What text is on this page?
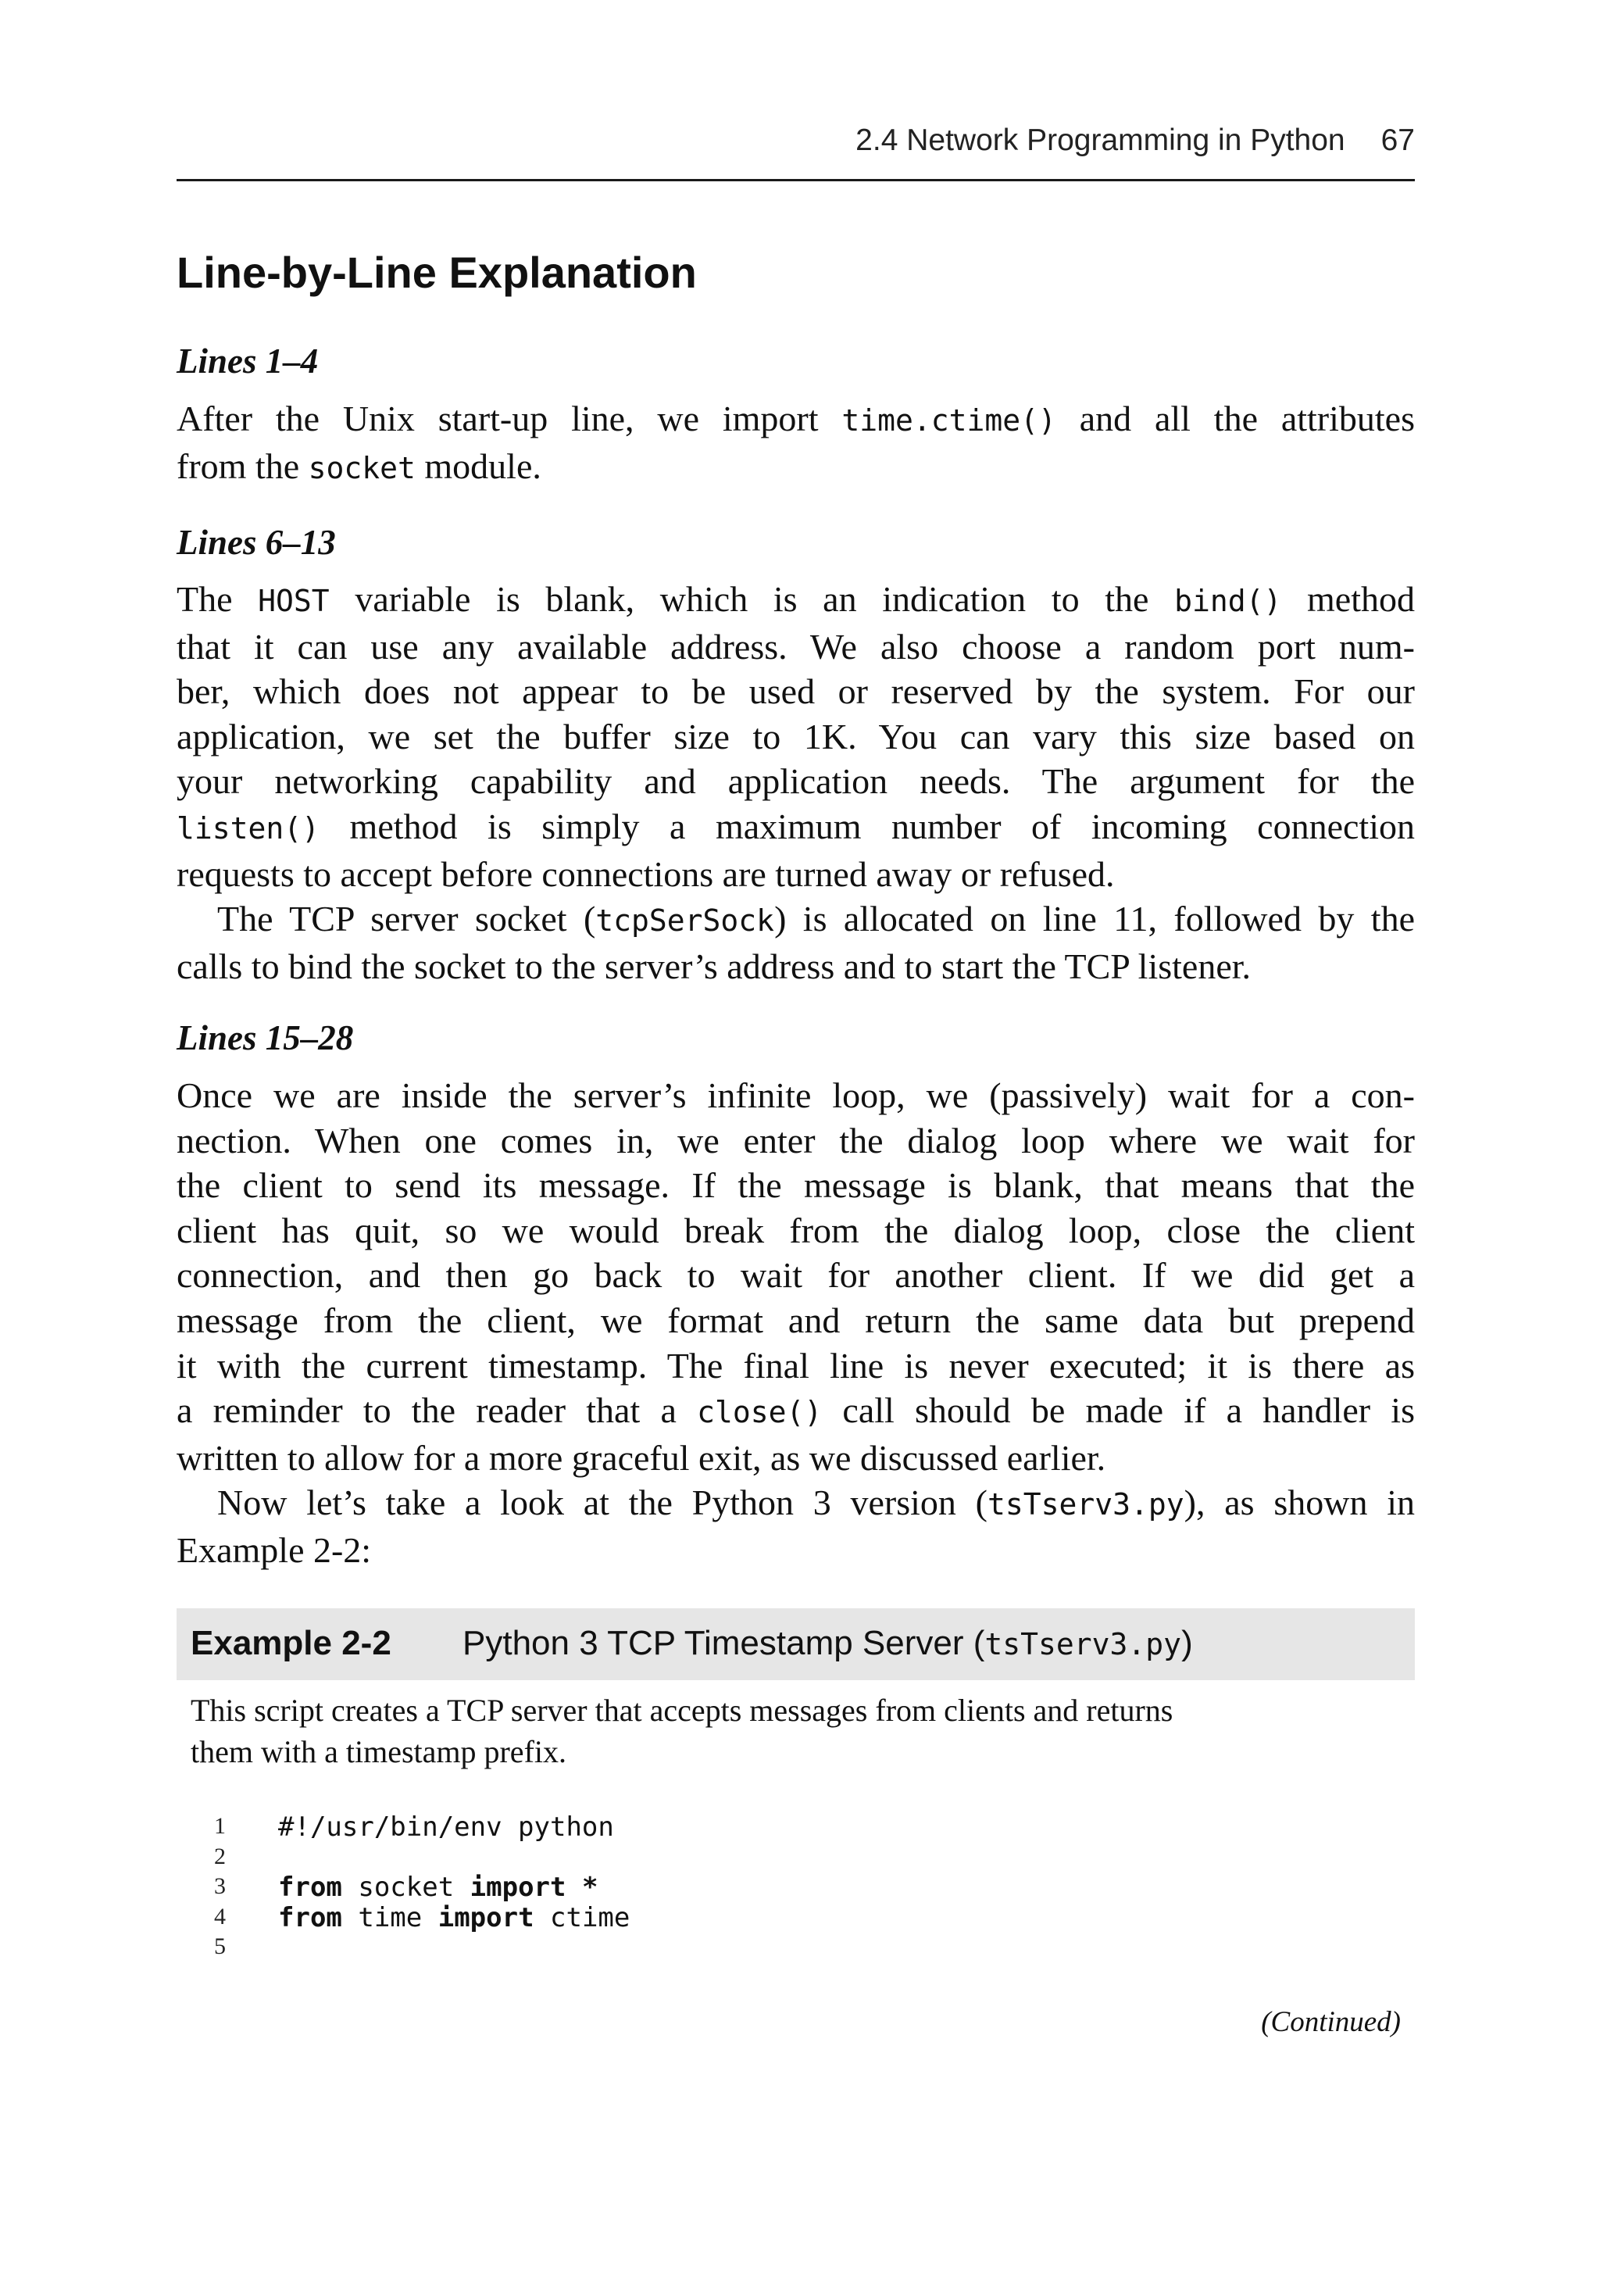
2.4 Network Programming in Python 67
Line-by-Line Explanation
Lines 1–4
After the Unix start-up line, we import time.ctime() and all the attributes
from the socket module.
Lines 6–13
The HOST variable is blank, which is an indication to the bind() method
that it can use any available address. We also choose a random port num-
ber, which does not appear to be used or reserved by the system. For our
application, we set the buffer size to 1K. You can vary this size based on
your networking capability and application needs. The argument for the
listen() method is simply a maximum number of incoming connection
requests to accept before connections are turned away or refused.
The TCP server socket (tcpSerSock) is allocated on line 11, followed by the
calls to bind the socket to the server’s address and to start the TCP listener.
Lines 15–28
Once we are inside the server’s infinite loop, we (passively) wait for a con-
nection. When one comes in, we enter the dialog loop where we wait for
the client to send its message. If the message is blank, that means that the
client has quit, so we would break from the dialog loop, close the client
connection, and then go back to wait for another client. If we did get a
message from the client, we format and return the same data but prepend
it with the current timestamp. The final line is never executed; it is there as
a reminder to the reader that a close() call should be made if a handler is
written to allow for a more graceful exit, as we discussed earlier.
Now let’s take a look at the Python 3 version (tsTserv3.py), as shown in
Example 2-2:
Example 2-2 Python 3 TCP Timestamp Server (tsTserv3.py)

This script creates a TCP server that accepts messages from clients and returns
them with a timestamp prefix.

1	#!/usr/bin/env python
2
3	from socket import *
4	from time import ctime
5
(Continued)
